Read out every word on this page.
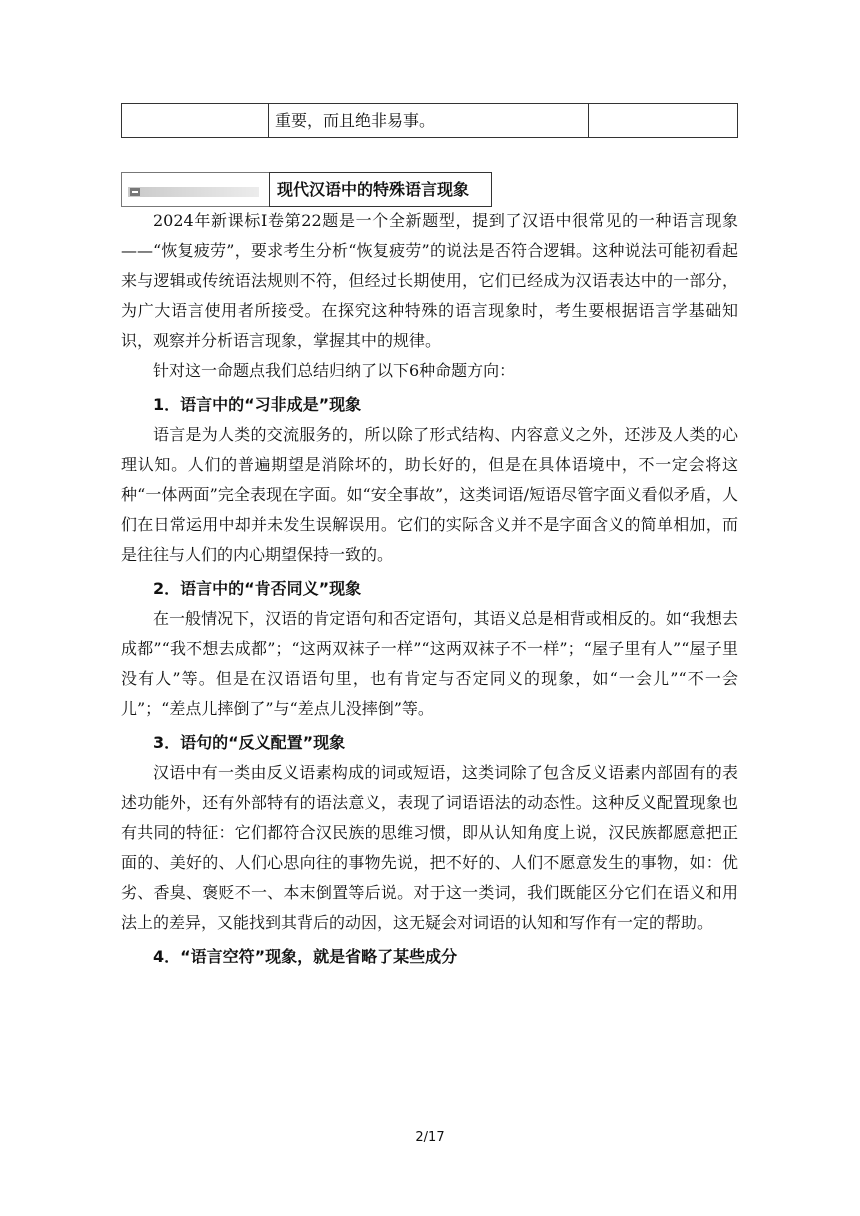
重要，而且绝非易事。
现代汉语中的特殊语言现象

2024年新课标Ⅰ卷第22题是一个全新题型，提到了汉语中很常见的一种语言现象——“恢复疲劳”，要求考生分析“恢复疲劳”的说法是否符合逻辑。这种说法可能初看起来与逻辑或传统语法规则不符，但经过长期使用，它们已经成为汉语表达中的一部分，为广大语言使用者所接受。在探究这种特殊的语言现象时，考生要根据语言学基础知识，观察并分析语言现象，掌握其中的规律。

针对这一命题点我们总结归纳了以下6种命题方向：

1．语言中的“习非成是”现象

语言是为人类的交流服务的，所以除了形式结构、内容意义之外，还涉及人类的心理认知。人们的普遍期望是消除坏的，助长好的，但是在具体语境中，不一定会将这种“一体两面”完全表现在字面。如“安全事故”，这类词语/短语尽管字面义看似矛盾，人们在日常运用中却并未发生误解误用。它们的实际含义并不是字面含义的简单相加，而是往往与人们的内心期望保持一致的。

2．语言中的“肯否同义”现象

在一般情况下，汉语的肯定语句和否定语句，其语义总是相背或相反的。如“我想去成都”“我不想去成都”；“这两双袜子一样”“这两双袜子不一样”；“屋子里有人”“屋子里没有人”等。但是在汉语语句里，也有肯定与否定同义的现象，如“一会儿”“不一会儿”；“差点儿摔倒了”与“差点儿没摔倒”等。

3．语句的“反义配置”现象

汉语中有一类由反义语素构成的词或短语，这类词除了包含反义语素内部固有的表述功能外，还有外部特有的语法意义，表现了词语语法的动态性。这种反义配置现象也有共同的特征：它们都符合汉民族的思维习惯，即从认知角度上说，汉民族都愿意把正面的、美好的、人们心思向往的事物先说，把不好的、人们不愿意发生的事物，如：优劣、香臭、褒贬不一、本末倒置等后说。对于这一类词，我们既能区分它们在语义和用法上的差异，又能找到其背后的动因，这无疑会对词语的认知和写作有一定的帮助。

4．“语言空符”现象，就是省略了某些成分
2/17
